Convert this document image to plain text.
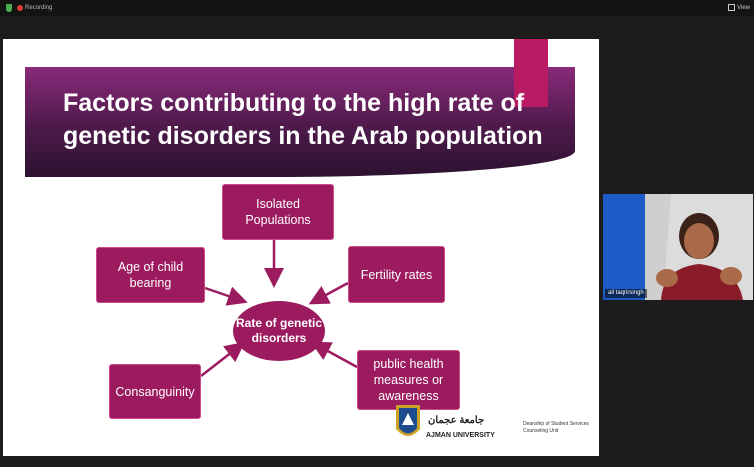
Recording	View
Factors contributing to the high rate of genetic disorders in the Arab population
Isolated Populations
Age of child bearing
Fertility rates
Consanguinity
public health measures or awareness
Rate of genetic disorders
جامعة عجمان
AJMAN UNIVERSITY
Deanship of Student Services
Counseling Unit
all taqrirsingh
